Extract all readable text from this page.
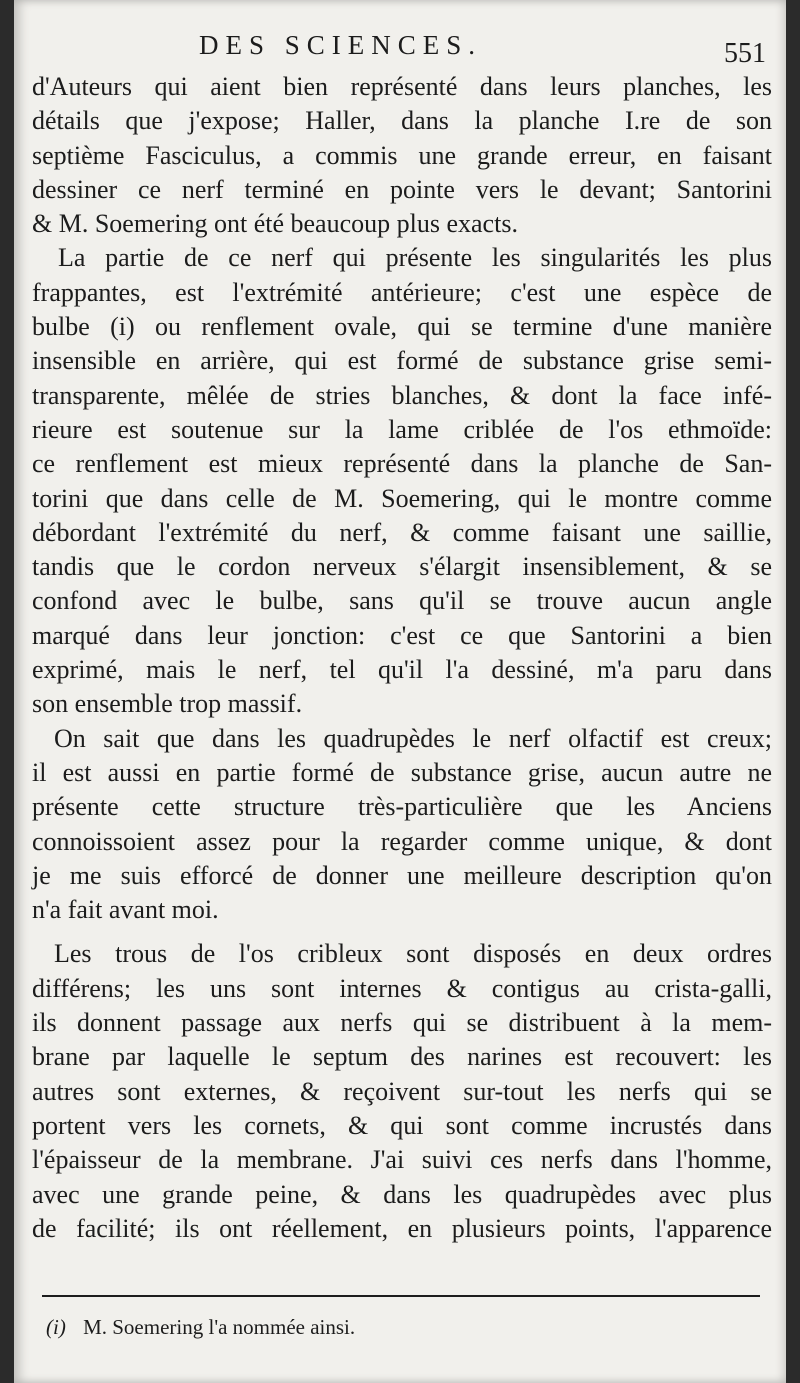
DES SCIENCES.	551
d'Auteurs qui aient bien représenté dans leurs planches, les
détails que j'expose; Haller, dans la planche I.re de son
septième Fasciculus, a commis une grande erreur, en faisant
dessiner ce nerf terminé en pointe vers le devant; Santorini
& M. Soemering ont été beaucoup plus exacts.
La partie de ce nerf qui présente les singularités les plus
frappantes, est l'extrémité antérieure; c'est une espèce de
bulbe (i) ou renflement ovale, qui se termine d'une manière
insensible en arrière, qui est formé de substance grise semi-
transparente, mêlée de stries blanches, & dont la face infé-
rieure est soutenue sur la lame criblée de l'os ethmoïde:
ce renflement est mieux représenté dans la planche de San-
torini que dans celle de M. Soemering, qui le montre comme
débordant l'extrémité du nerf, & comme faisant une saillie,
tandis que le cordon nerveux s'élargit insensiblement, & se
confond avec le bulbe, sans qu'il se trouve aucun angle
marqué dans leur jonction: c'est ce que Santorini a bien
exprimé, mais le nerf, tel qu'il l'a dessiné, m'a paru dans
son ensemble trop massif.
On sait que dans les quadrupèdes le nerf olfactif est creux;
il est aussi en partie formé de substance grise, aucun autre ne
présente cette structure très-particulière que les Anciens
connoissoient assez pour la regarder comme unique, & dont
je me suis efforcé de donner une meilleure description qu'on
n'a fait avant moi.
Les trous de l'os cribleux sont disposés en deux ordres
différens; les uns sont internes & contigus au crista-galli,
ils donnent passage aux nerfs qui se distribuent à la mem-
brane par laquelle le septum des narines est recouvert: les
autres sont externes, & reçoivent sur-tout les nerfs qui se
portent vers les cornets, & qui sont comme incrustés dans
l'épaisseur de la membrane. J'ai suivi ces nerfs dans l'homme,
avec une grande peine, & dans les quadrupèdes avec plus
de facilité; ils ont réellement, en plusieurs points, l'apparence
(i) M. Soemering l'a nommée ainsi.
